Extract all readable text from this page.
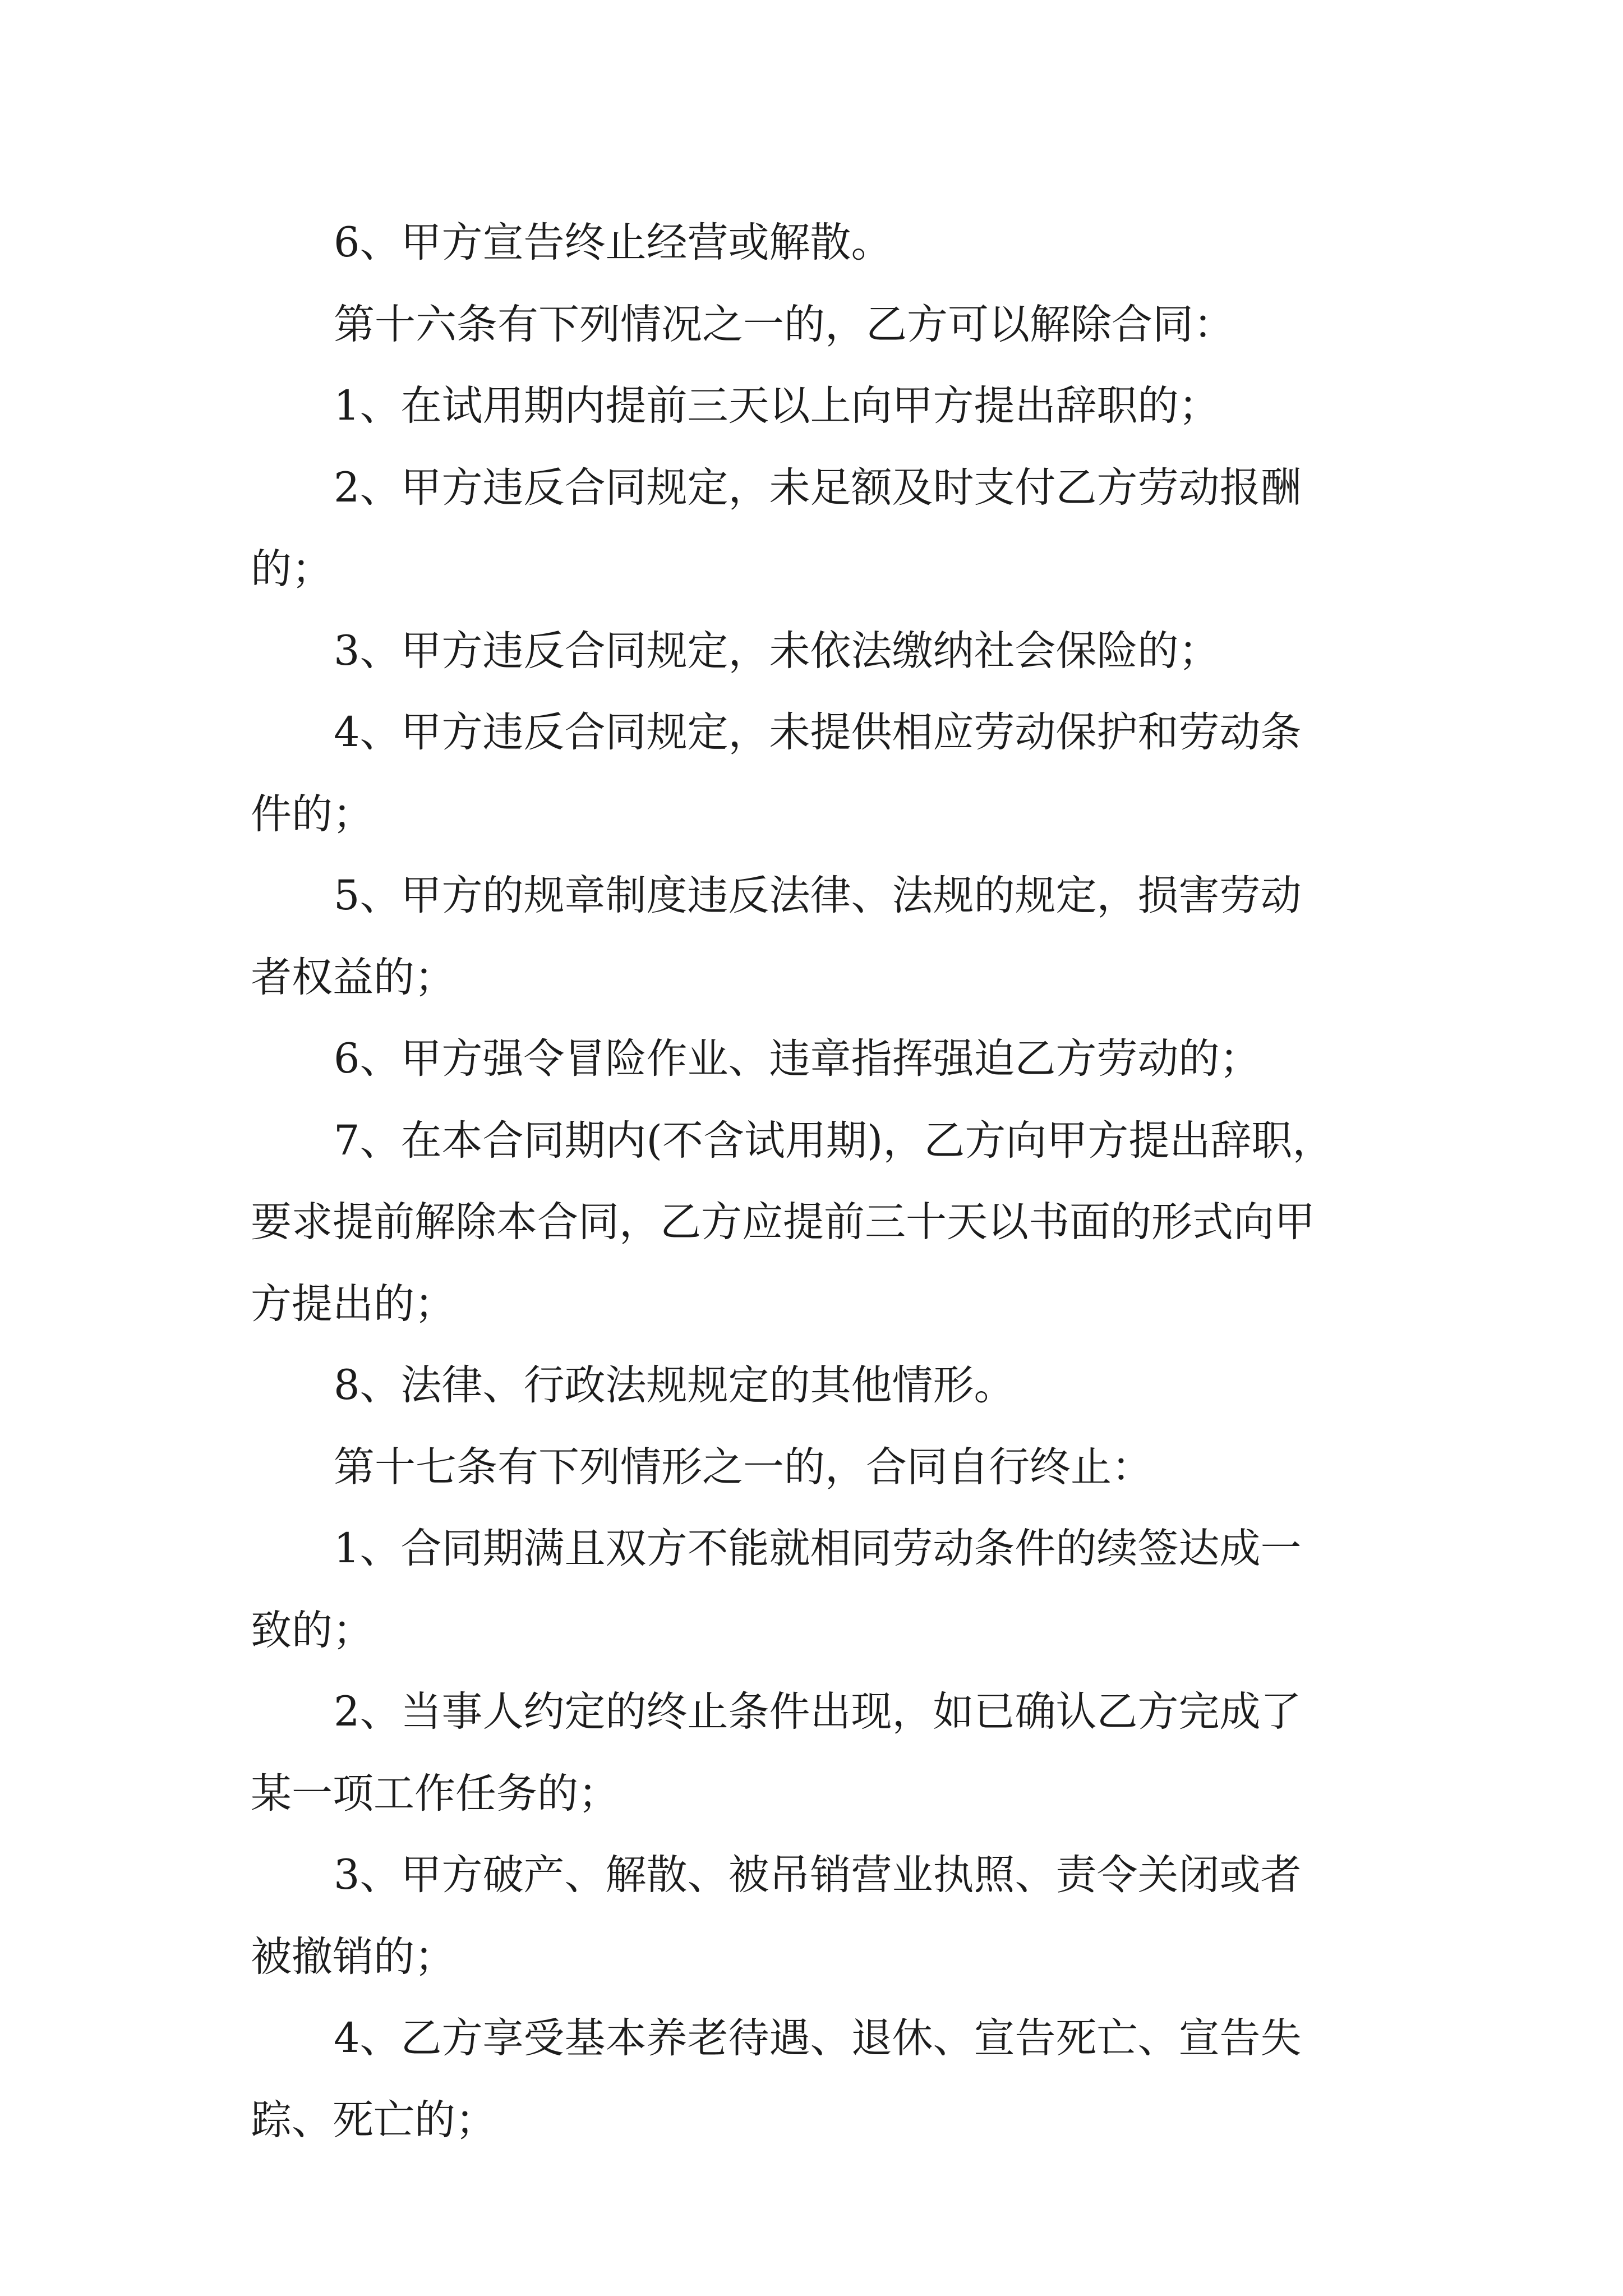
6、甲方宣告终止经营或解散。
第十六条有下列情况之一的，乙方可以解除合同：
1、在试用期内提前三天以上向甲方提出辞职的；
2、甲方违反合同规定，未足额及时支付乙方劳动报酬
的；
3、甲方违反合同规定，未依法缴纳社会保险的；
4、甲方违反合同规定，未提供相应劳动保护和劳动条
件的；
5、甲方的规章制度违反法律、法规的规定，损害劳动
者权益的；
6、甲方强令冒险作业、违章指挥强迫乙方劳动的；
7、在本合同期内(不含试用期)，乙方向甲方提出辞职，
要求提前解除本合同，乙方应提前三十天以书面的形式向甲
方提出的；
8、法律、行政法规规定的其他情形。
第十七条有下列情形之一的，合同自行终止：
1、合同期满且双方不能就相同劳动条件的续签达成一
致的；
2、当事人约定的终止条件出现，如已确认乙方完成了
某一项工作任务的；
3、甲方破产、解散、被吊销营业执照、责令关闭或者
被撤销的；
4、乙方享受基本养老待遇、退休、宣告死亡、宣告失
踪、死亡的；
